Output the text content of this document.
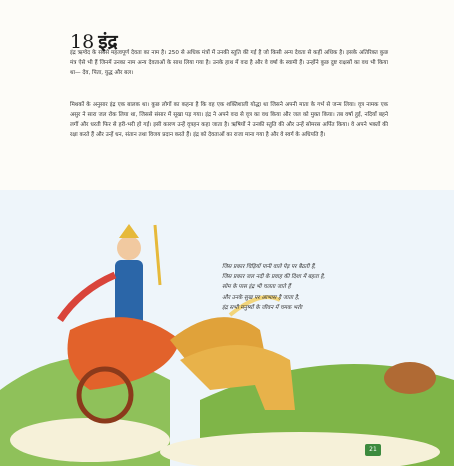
18 इंद्र
इंद्र ऋग्वेद के सबसे महत्वपूर्ण देवता का नाम है। 250 से अधिक मंत्रों में उनकी स्तुति की गई है जो किसी अन्य देवता से कहीं अधिक है। इसके अतिरिक्त कुछ मंत्र ऐसे भी हैं जिनमें उनका नाम अन्य देवताओं के साथ लिया गया है। उनके हाथ में वज्र है और वे वर्षा के स्वामी हैं। उन्होंने कुछ दुष्ट राक्षसों का वध भी किया था— देव, पिता, युद्ध और बल।
मिथकों के अनुसार इंद्र एक बालक था। कुछ लोगों का कहना है कि वह एक शक्तिशाली योद्धा था जिसने अपनी माता के गर्भ से जन्म लिया। वृत्र नामक एक असुर ने सारा जल रोक लिया था, जिससे संसार में सूखा पड़ गया। इंद्र ने अपने वज्र से वृत्र का वध किया और जल को मुक्त किया। तब वर्षा हुई, नदियाँ बहने लगीं और धरती फिर से हरी-भरी हो गई। इसी कारण उन्हें वृत्रहन कहा जाता है। ऋषियों ने उनकी स्तुति की और उन्हें सोमरस अर्पित किया। वे अपने भक्तों की रक्षा करते हैं और उन्हें धन, संतान तथा विजय प्रदान करते हैं। इंद्र को देवताओं का राजा माना गया है और वे स्वर्ग के अधिपति हैं।
जिस प्रकार चिड़ियाँ पानी वाले पेड़ पर बैठती हैं,
जिस प्रकार जल नदी के प्रवाह की दिशा में बहता है,
सोम के पास इंद्र भी चलता जाते हैं
और उनके सुख पर आभास है जाता है,
इंद्र सभी मनुष्यों के जीवन में चमक भरो!
21
